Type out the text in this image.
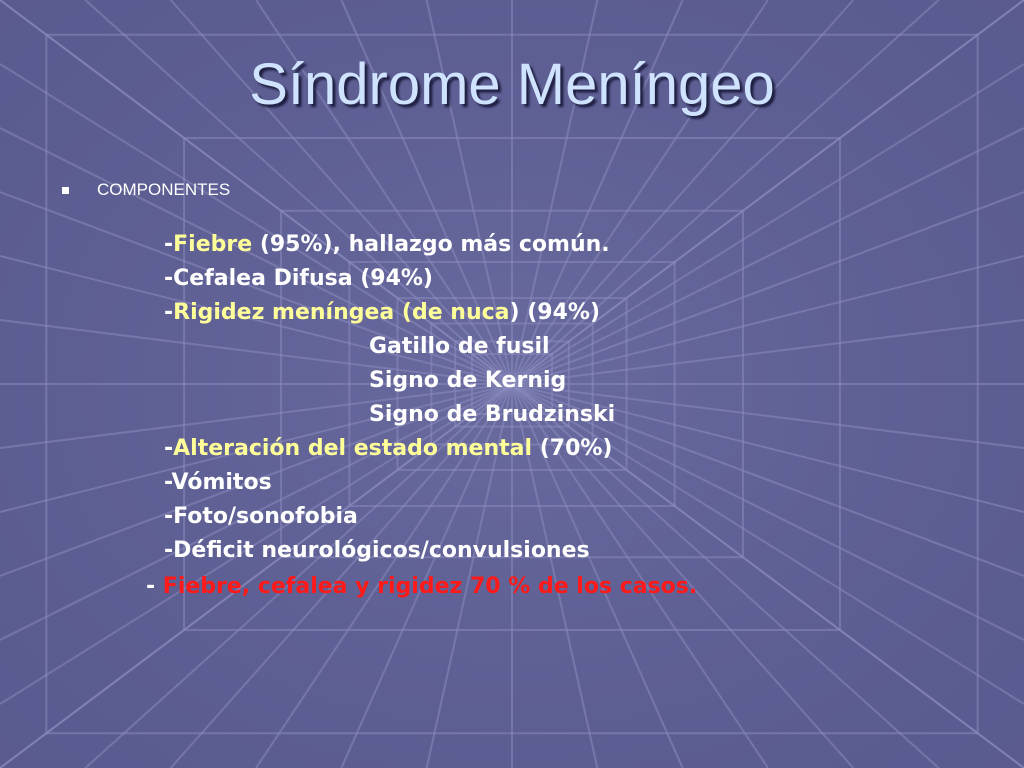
Síndrome Meníngeo
COMPONENTES
-Fiebre (95%), hallazgo más común.
-Cefalea Difusa (94%)
-Rigidez meníngea (de nuca) (94%)
Gatillo de fusil
Signo de Kernig
Signo de Brudzinski
-Alteración del estado mental (70%)
-Vómitos
-Foto/sonofobia
-Déficit neurológicos/convulsiones
- Fiebre, cefalea y rigidez 70 % de los casos.
